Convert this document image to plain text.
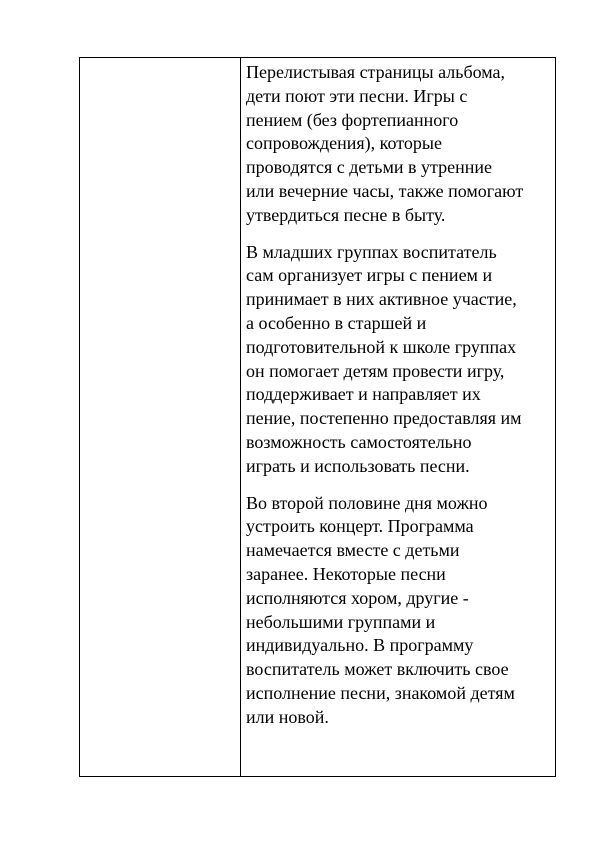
Перелистывая страницы альбома,
дети поют эти песни. Игры с
пением (без фортепианного
сопровождения), которые
проводятся с детьми в утренние
или вечерние часы, также помогают
утвердиться песне в быту.

В младших группах воспитатель
сам организует игры с пением и
принимает в них активное участие,
а особенно в старшей и
подготовительной к школе группах
он помогает детям провести игру,
поддерживает и направляет их
пение, постепенно предоставляя им
возможность самостоятельно
играть и использовать песни.

Во второй половине дня можно
устроить концерт. Программа
намечается вместе с детьми
заранее. Некоторые песни
исполняются хором, другие -
небольшими группами и
индивидуально. В программу
воспитатель может включить свое
исполнение песни, знакомой детям
или новой.
